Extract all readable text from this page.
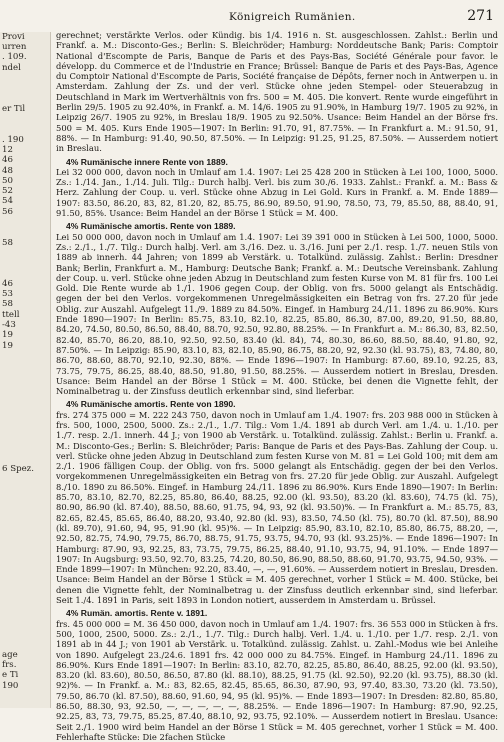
Provi
urren
. 109.
ndel
er Til
. 190
12
46
48
50
52
54
56
58
46
53
58
ttell
-43
19
19
6 Spez.
age
frs.
e Ti
190
Königreich Rumänien.	271

gerechnet; verstärkte Verlos. oder Kündig. bis 1/4. 1916 n. St. ausgeschlossen. Zahlst.: Berlin und Frankf. a. M.: Disconto-Ges.; Berlin: S. Bleichröder; Hamburg: Norddeutsche Bank; Paris: Comptoir National d'Escompte de Paris, Banque de Paris et des Pays-Bas, Société Générale pour favor. le développ. du Commerce et de l'Industrie en France; Brüssel: Banque de Paris et des Pays-Bas, Agence du Comptoir National d'Escompte de Paris, Société française de Dépôts, ferner noch in Antwerpen u. in Amsterdam. Zahlung der Zs. und der verl. Stücke ohne jeden Stempel- oder Steuerabzug in Deutschland in Mark im Wertverhältnis von frs. 500 = M. 405. Die konvert. Rente wurde eingeführt in Berlin 29/5. 1905 zu 92.40%, in Frankf. a. M. 14/6. 1905 zu 91.90%, in Hamburg 19/7. 1905 zu 92%, in Leipzig 26/7. 1905 zu 92%, in Breslau 18/9. 1905 zu 92.50%. Usance: Beim Handel an der Börse frs. 500 = M. 405. Kurs Ende 1905—1907: In Berlin: 91.70, 91, 87.75%. — In Frankfurt a. M.: 91.50, 91, 88%. — In Hamburg: 91.40, 90.50, 87.50%. — In Leipzig: 91.25, 91.25, 87.50%. — Ausserdem notiert in Breslau.

4% Rumänische innere Rente von 1889.

Lei 32 000 000, davon noch in Umlauf am 1.4. 1907: Lei 25 428 200 in Stücken à Lei 100, 1000, 5000. Zs.: 1./14. Jan., 1./14. Juli. Tilg.: Durch halbj. Verl. bis zum 30./6. 1933. Zahlst.: Frankf. a. M.: Bass & Herz. Zahlung der Coup. u. verl. Stücke ohne Abzug in Lei Gold. Kurs in Frankf. a. M. Ende 1889—1907: 83.50, 86.20, 83, 82, 81.20, 82, 85.75, 86.90, 89.50, 91.90, 78.50, 73, 79, 85.50, 88, 88.40, 91, 91.50, 85%. Usance: Beim Handel an der Börse 1 Stück = M. 400.

4% Rumänische amortis. Rente von 1889.

Lei 50 000 000, davon noch in Umlauf am 1.4. 1907: Lei 39 391 000 in Stücken à Lei 500, 1000, 5000. Zs.: 2./1., 1./7. Tilg.: Durch halbj. Verl. am 3./16. Dez. u. 3./16. Juni per 2./1. resp. 1./7. neuen Stils von 1889 ab innerh. 44 Jahren; von 1899 ab Verstärk. u. Totalkünd. zulässig. Zahlst.: Berlin: Dresdner Bank; Berlin, Frankfurt a. M., Hamburg: Deutsche Bank; Frankf. a. M.: Deutsche Vereinsbank. Zahlung der Coup. u. verl. Stücke ohne jeden Abzug in Deutschland zum festen Kurse von M. 81 für frs. 100 Lei Gold. Die Rente wurde ab 1./1. 1906 gegen Coup. der Oblig. von frs. 5000 gelangt als Entschädig. gegen der bei den Verlos. vorgekommenen Unregelmässigkeiten ein Betrag von frs. 27.20 für jede Oblig. zur Auszahl. Aufgelegt 11./9. 1889 zu 84.50%. Eingef. in Hamburg 24./11. 1896 zu 86.90%. Kurs Ende 1890—1907: In Berlin: 85.75, 83.10, 82.10, 82.25, 85.80, 86.30, 87.00, 89.20, 91.50, 88.80, 84.20, 74.50, 80.50, 86.50, 88.40, 88.70, 92.50, 92.80, 88.25%. — In Frankfurt a. M.: 86.30, 83, 82.50, 82.40, 85.70, 86.20, 88.10, 92.50, 92.50, 83.40 (kl. 84), 74, 80.30, 86.60, 88.50, 88.40, 91.80, 92, 87.50%. — In Leipzig: 85.90, 83.10, 83, 82.10, 85.90, 86.75, 88.20, 92, 92.30 (kl. 93.75), 83, 74.80, 80, 86.70, 88.60, 88.70, 92.10, 92.30, 88%. — Ende 1896—1907: In Hamburg: 87.60, 89.10, 92.25, 83, 73.75, 79.75, 86.25, 88.40, 88.50, 91.80, 91.50, 88.25%. — Ausserdem notiert in Breslau, Dresden. Usance: Beim Handel an der Börse 1 Stück = M. 400. Stücke, bei denen die Vignette fehlt, der Nominalbetrag u. der Zinsfuss deutlich erkennbar sind, sind lieferbar.

4% Rumänische amortis. Rente von 1890.

frs. 274 375 000 = M. 222 243 750, davon noch in Umlauf am 1./4. 1907: frs. 203 988 000 in Stücken à frs. 500, 1000, 2500, 5000. Zs.: 2./1., 1./7. Tilg.: Vom 1./4. 1891 ab durch Verl. am 1./4. u. 1./10. per 1./7. resp. 2./1. innerh. 44 J.; von 1900 ab Verstärk. u. Totalkünd. zulässig. Zahlst.: Berlin u. Frankf. a. M.: Disconto-Ges.; Berlin: S. Bleichröder; Paris: Banque de Paris et des Pays-Bas. Zahlung der Coup. u. verl. Stücke ohne jeden Abzug in Deutschland zum festen Kurse von M. 81 = Lei Gold 100; mit dem am 2./1. 1906 fälligen Coup. der Oblig. von frs. 5000 gelangt als Entschädig. gegen der bei den Verlos. vorgekommenen Unregelmässigkeiten ein Betrag von frs. 27.20 für jede Oblig. zur Auszahl. Aufgelegt 8./10. 1890 zu 86.50%. Eingef. in Hamburg 24./11. 1896 zu 86.90%. Kurs Ende 1890—1907: In Berlin: 85.70, 83.10, 82.70, 82.25, 85.80, 86.40, 88.25, 92.00 (kl. 93.50), 83.20 (kl. 83.60), 74.75 (kl. 75), 80.90, 86.90 (kl. 87.40), 88.50, 88.60, 91.75, 94, 93, 92 (kl. 93.50)%. — In Frankfurt a. M.: 85.75, 83, 82.65, 82.45, 85.65, 86.40, 88.20, 93.40, 92.80 (kl. 93), 83.50, 74.50 (kl. 75), 80.70 (kl. 87.50), 88.90 (kl. 89.70), 91.60, 94, 95, 91.90 (kl. 95)%. — In Leipzig: 85.90, 83.10, 82.10, 85.80, 86.75, 88.20, —, 92.50, 82.75, 74.90, 79.75, 86.70, 88.75, 91.75, 93.75, 94.70, 93 (kl. 93.25)%. — Ende 1896—1907: In Hamburg: 87.90, 93, 92.25, 83, 73.75, 79.75, 86.25, 88.40, 91.10, 93.75, 94, 91.10%. — Ende 1897—1907: In Augsburg: 93.50, 92.70, 83.25, 74.20, 80.50, 86.90, 88.50, 88.60, 91.70, 93.75, 94.50, 93%. — Ende 1899—1907: In München: 92.20, 83.40, —, —, 91.60%. — Ausserdem notiert in Breslau, Dresden. Usance: Beim Handel an der Börse 1 Stück = M. 405 gerechnet, vorher 1 Stück = M. 400. Stücke, bei denen die Vignette fehlt, der Nominalbetrag u. der Zinsfuss deutlich erkennbar sind, sind lieferbar. Seit 1./4. 1891 in Paris, seit 1893 in London notiert, ausserdem in Amsterdam u. Brüssel.

4% Rumän. amortis. Rente v. 1891.

frs. 45 000 000 = M. 36 450 000, davon noch in Umlauf am 1./4. 1907: frs. 36 553 000 in Stücken à frs. 500, 1000, 2500, 5000. Zs.: 2./1., 1./7. Tilg.: Durch halbj. Verl. 1./4. u. 1./10. per 1./7. resp. 2./1. von 1891 ab in 44 J.; von 1901 ab Verstärk. u. Totalkünd. zulässig. Zahlst. u. Zahl.-Modus wie bei Anleihe von 1890. Aufgelegt 23./24.6. 1891 frs. 42 000 000 zu 84.75%. Eingef. in Hamburg 24./11. 1896 zu 86.90%. Kurs Ende 1891—1907: In Berlin: 83.10, 82.70, 82.25, 85.80, 86.40, 88.25, 92.00 (kl. 93.50), 83.20 (kl. 83.60), 80.50, 86.50, 87.80 (kl. 88.10), 88.25, 91.75 (kl. 92.50), 92.20 (kl. 93.75), 88.30 (kl. 92)%. — In Frankf. a. M.: 83, 82.65, 82.45, 85.65, 86.30, 87.90, 93, 97.40, 83.30, 73.20 (kl. 73.50), 79.50, 86.70 (kl. 87.50), 88.60, 91.60, 94, 95 (kl. 95)%. — Ende 1893—1907: In Dresden: 82.80, 85.80, 86.50, 88.30, 93, 92.50, —, —, —, —, —, 88.25%. — Ende 1896—1907: In Hamburg: 87.90, 92.25, 92.25, 83, 73, 79.75, 85.25, 87.40, 88.10, 92, 93.75, 92.10%. — Ausserdem notiert in Breslau. Usance: Seit 2./1. 1900 wird beim Handel an der Börse 1 Stück = M. 405 gerechnet, vorher 1 Stück = M. 400. Fehlerhafte Stücke: Die 2fachen Stücke
